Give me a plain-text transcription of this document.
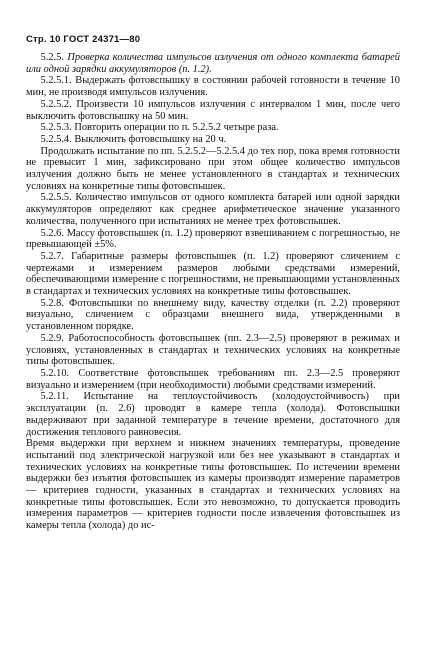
Стр. 10 ГОСТ 24371—80

5.2.5. Проверка количества импульсов излучения от одного комплекта батарей или одной зарядки аккумуляторов (п. 1.2).

5.2.5.1. Выдержать фотовспышку в состоянии рабочей готовности в течение 10 мин, не производя импульсов излучения.

5.2.5.2. Произвести 10 импульсов излучения с интервалом 1 мин, после чего выключить фотовспышку на 50 мин.

5.2.5.3. Повторить операции по п. 5.2.5.2 четыре раза.

5.2.5.4. Выключить фотовспышку на 20 ч.

Продолжать испытание по пп. 5.2.5.2—5.2.5.4 до тех пор, пока время готовности не превысит 1 мин, зафиксировано при этом общее количество импульсов излучения должно быть не менее установленного в стандартах и технических условиях на конкретные типы фотовспышек.

5.2.5.5. Количество импульсов от одного комплекта батарей или одной зарядки аккумуляторов определяют как среднее арифметическое значение указанного количества, полученного при испытаниях не менее трех фотовспышек.

5.2.6. Массу фотовспышек (п. 1.2) проверяют взвешиванием с погрешностью, не превышающей ±5%.

5.2.7. Габаритные размеры фотовспышек (п. 1.2) проверяют сличением с чертежами и измерением размеров любыми средствами измерений, обеспечивающими измерение с погрешностями, не превышающими установленных в стандартах и технических условиях на конкретные типы фотовспышек.

5.2.8. Фотовспышки по внешнему виду, качеству отделки (п. 2.2) проверяют визуально, сличением с образцами внешнего вида, утвержденными в установленном порядке.

5.2.9. Работоспособность фотовспышек (пп. 2.3—2.5) проверяют в режимах и условиях, установленных в стандартах и технических условиях на конкретные типы фотовспышек.

5.2.10. Соответствие фотовспышек требованиям пп. 2.3—2.5 проверяют визуально и измерением (при необходимости) любыми средствами измерений.

5.2.11. Испытание на теплоустойчивость (холодоустойчивость) при эксплуатации (п. 2.6) проводят в камере тепла (холода). Фотовспышки выдерживают при заданной температуре в течение времени, достаточного для достижения теплового равновесия.

Время выдержки при верхнем и нижнем значениях температуры, проведение испытаний под электрической нагрузкой или без нее указывают в стандартах и технических условиях на конкретные типы фотовспышек. По истечении времени выдержки без изъятия фотовспышек из камеры производят измерение параметров — критериев годности, указанных в стандартах и технических условиях на конкретные типы фотовспышек. Если это невозможно, то допускается проводить измерения параметров — критериев годности после извлечения фотовспышек из камеры тепла (холода) до ис-
